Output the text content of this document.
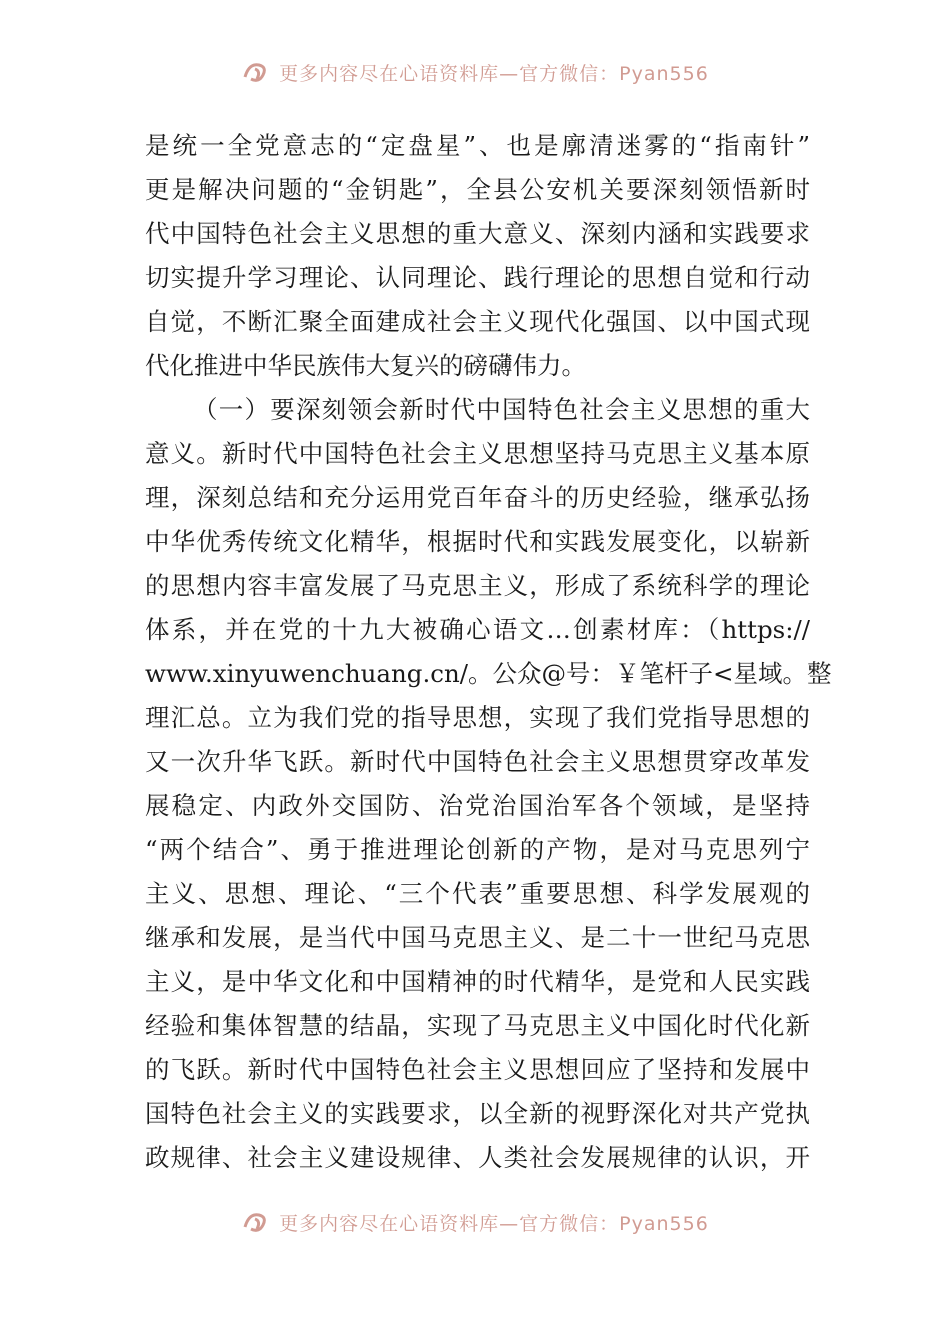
更多内容尽在心语资料库—官方微信：Pyan556
是统一全党意志的“定盘星”、也是廓清迷雾的“指南针”
更是解决问题的“金钥匙”，全县公安机关要深刻领悟新时
代中国特色社会主义思想的重大意义、深刻内涵和实践要求
切实提升学习理论、认同理论、践行理论的思想自觉和行动
自觉，不断汇聚全面建成社会主义现代化强国、以中国式现
代化推进中华民族伟大复兴的磅礴伟力。
（一）要深刻领会新时代中国特色社会主义思想的重大
意义。新时代中国特色社会主义思想坚持马克思主义基本原
理，深刻总结和充分运用党百年奋斗的历史经验，继承弘扬
中华优秀传统文化精华，根据时代和实践发展变化，以崭新
的思想内容丰富发展了马克思主义，形成了系统科学的理论
体系，并在党的十九大被确心语文…创素材库：（https://
www.xinyuwenchuang.cn/。公众@号：￥笔杆子<星域。整
理汇总。立为我们党的指导思想，实现了我们党指导思想的
又一次升华飞跃。新时代中国特色社会主义思想贯穿改革发
展稳定、内政外交国防、治党治国治军各个领域，是坚持
“两个结合”、勇于推进理论创新的产物，是对马克思列宁
主义、思想、理论、“三个代表”重要思想、科学发展观的
继承和发展，是当代中国马克思主义、是二十一世纪马克思
主义，是中华文化和中国精神的时代精华，是党和人民实践
经验和集体智慧的结晶，实现了马克思主义中国化时代化新
的飞跃。新时代中国特色社会主义思想回应了坚持和发展中
国特色社会主义的实践要求，以全新的视野深化对共产党执
政规律、社会主义建设规律、人类社会发展规律的认识，开
更多内容尽在心语资料库—官方微信：Pyan556
